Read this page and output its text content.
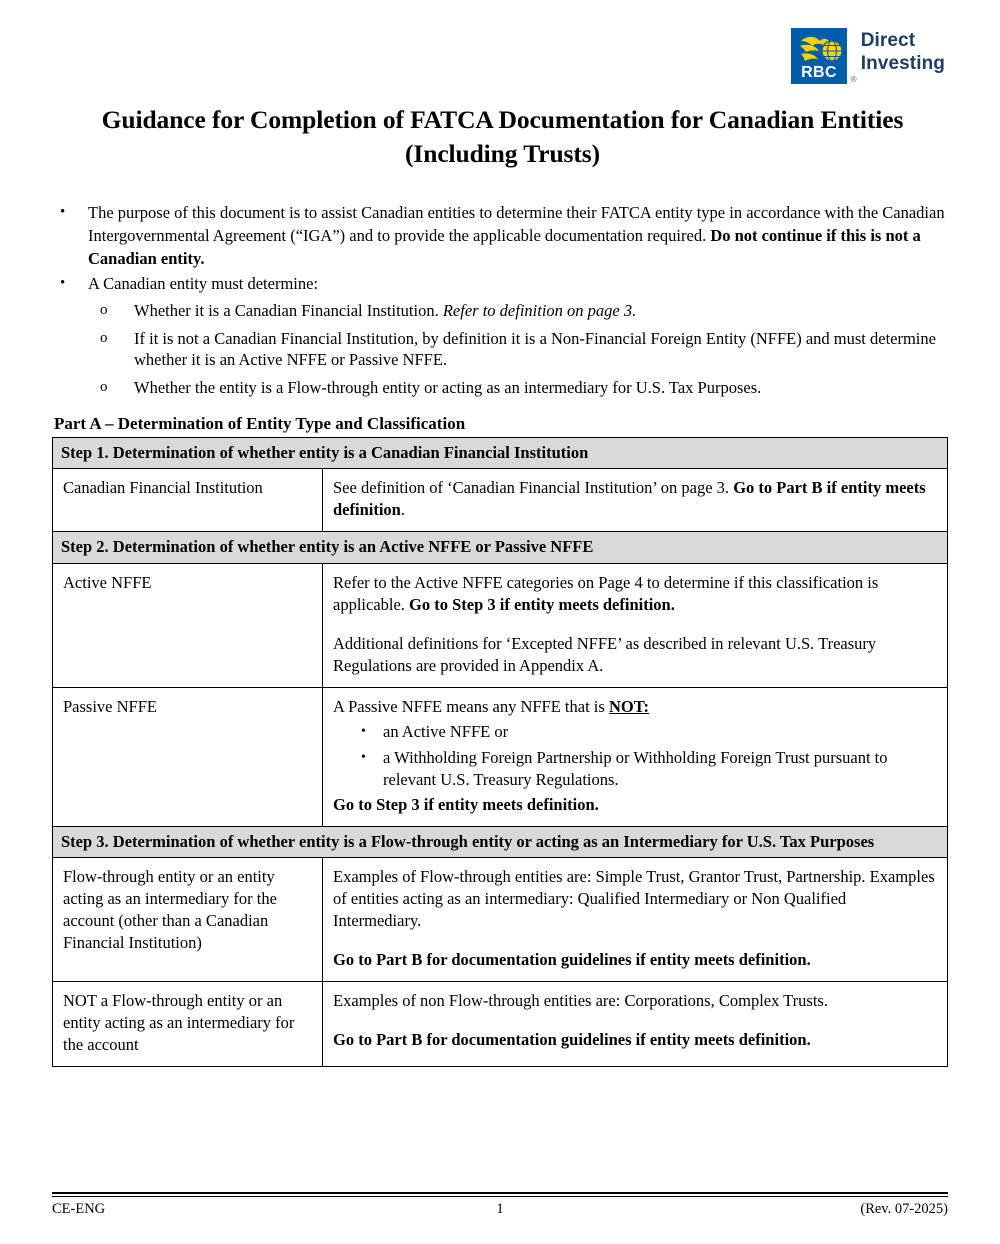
RBC ®
Direct
Investing
Guidance for Completion of FATCA Documentation for Canadian Entities
(Including Trusts)
•	The purpose of this document is to assist Canadian entities to determine their FATCA entity type in accordance with the Canadian Intergovernmental Agreement (“IGA”) and to provide the applicable documentation required. Do not continue if this is not a Canadian entity.
•	A Canadian entity must determine:
o	Whether it is a Canadian Financial Institution. Refer to definition on page 3.
o	If it is not a Canadian Financial Institution, by definition it is a Non-Financial Foreign Entity (NFFE) and must determine whether it is an Active NFFE or Passive NFFE.
o	Whether the entity is a Flow-through entity or acting as an intermediary for U.S. Tax Purposes.
Part A – Determination of Entity Type and Classification
Step 1. Determination of whether entity is a Canadian Financial Institution	
Canadian Financial Institution	See definition of ‘Canadian Financial Institution’ on page 3. Go to Part B if entity meets definition.

Step 2. Determination of whether entity is an Active NFFE or Passive NFFE	
Active NFFE	Refer to the Active NFFE categories on Page 4 to determine if this classification is applicable. Go to Step 3 if entity meets definition.

Additional definitions for ‘Excepted NFFE’ as described in relevant U.S. Treasury Regulations are provided in Appendix A.

Passive NFFE	A Passive NFFE means any NFFE that is NOT:

•	an Active NFFE or
•	a Withholding Foreign Partnership or Withholding Foreign Trust pursuant to relevant U.S. Treasury Regulations.

Go to Step 3 if entity meets definition.

Step 3. Determination of whether entity is a Flow-through entity or acting as an Intermediary for U.S. Tax Purposes	
Flow-through entity or an entity acting as an intermediary for the account (other than a Canadian Financial Institution)	Examples of Flow-through entities are: Simple Trust, Grantor Trust, Partnership. Examples of entities acting as an intermediary: Qualified Intermediary or Non Qualified Intermediary.

Go to Part B for documentation guidelines if entity meets definition.

NOT a Flow-through entity or an entity acting as an intermediary for the account	Examples of non Flow-through entities are: Corporations, Complex Trusts.

Go to Part B for documentation guidelines if entity meets definition.

CE-ENG	1	(Rev. 07-2025)
